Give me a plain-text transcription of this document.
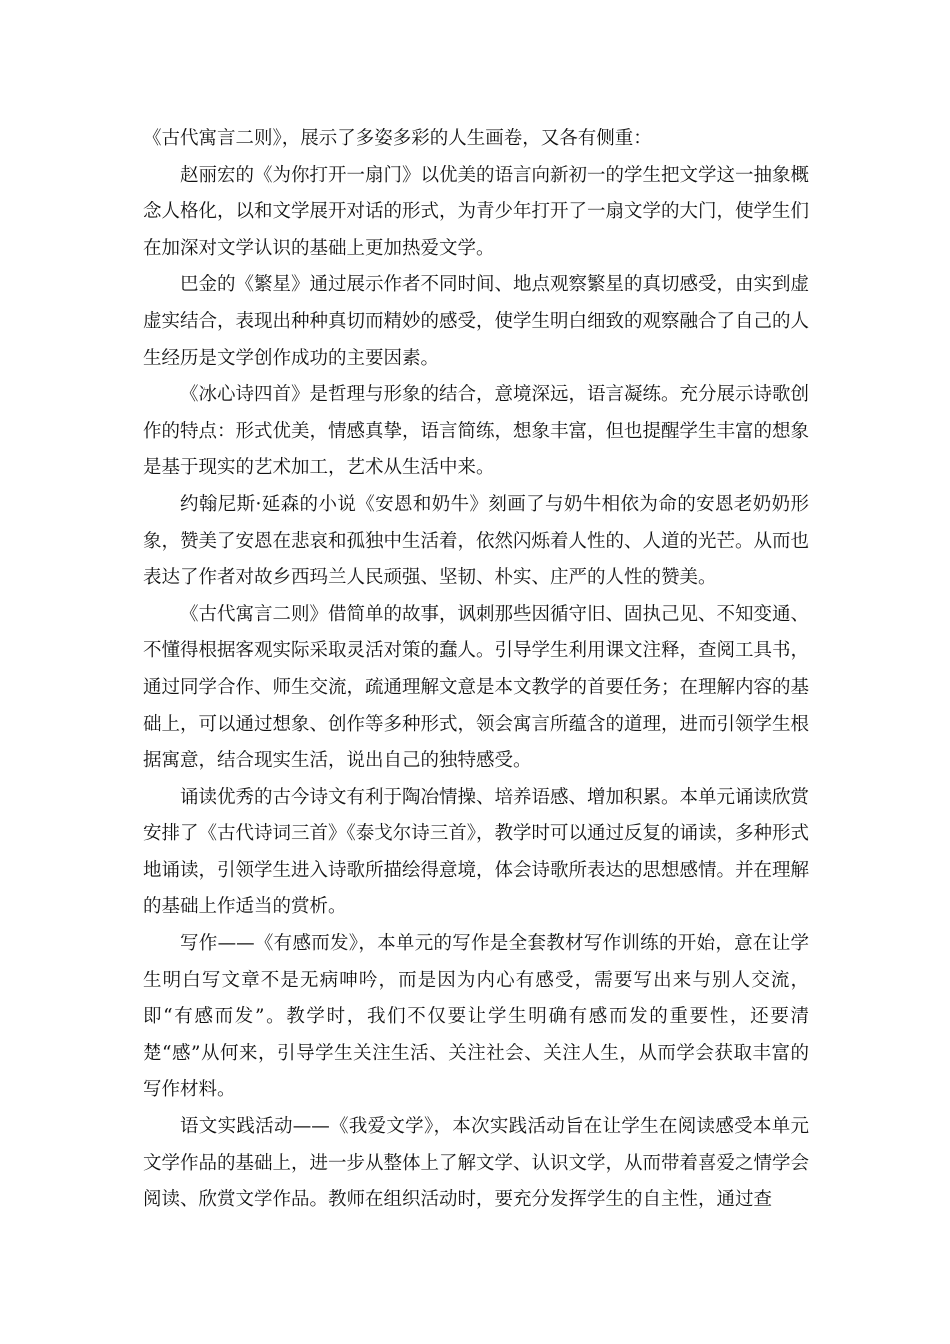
《古代寓言二则》，展示了多姿多彩的人生画卷，又各有侧重：

赵丽宏的《为你打开一扇门》以优美的语言向新初一的学生把文学这一抽象概念人格化，以和文学展开对话的形式，为青少年打开了一扇文学的大门，使学生们在加深对文学认识的基础上更加热爱文学。

巴金的《繁星》通过展示作者不同时间、地点观察繁星的真切感受，由实到虚虚实结合，表现出种种真切而精妙的感受，使学生明白细致的观察融合了自己的人生经历是文学创作成功的主要因素。

《冰心诗四首》是哲理与形象的结合，意境深远，语言凝练。充分展示诗歌创作的特点：形式优美，情感真挚，语言简练，想象丰富，但也提醒学生丰富的想象是基于现实的艺术加工，艺术从生活中来。

约翰尼斯·延森的小说《安恩和奶牛》刻画了与奶牛相依为命的安恩老奶奶形象，赞美了安恩在悲哀和孤独中生活着，依然闪烁着人性的、人道的光芒。从而也表达了作者对故乡西玛兰人民顽强、坚韧、朴实、庄严的人性的赞美。

《古代寓言二则》借简单的故事，讽刺那些因循守旧、固执己见、不知变通、不懂得根据客观实际采取灵活对策的蠢人。引导学生利用课文注释，查阅工具书，通过同学合作、师生交流，疏通理解文意是本文教学的首要任务；在理解内容的基础上，可以通过想象、创作等多种形式，领会寓言所蕴含的道理，进而引领学生根据寓意，结合现实生活，说出自己的独特感受。

诵读优秀的古今诗文有利于陶冶情操、培养语感、增加积累。本单元诵读欣赏安排了《古代诗词三首》《泰戈尔诗三首》，教学时可以通过反复的诵读，多种形式地诵读，引领学生进入诗歌所描绘得意境，体会诗歌所表达的思想感情。并在理解的基础上作适当的赏析。

写作——《有感而发》，本单元的写作是全套教材写作训练的开始，意在让学生明白写文章不是无病呻吟，而是因为内心有感受，需要写出来与别人交流，即“有感而发”。教学时，我们不仅要让学生明确有感而发的重要性，还要清楚“感”从何来，引导学生关注生活、关注社会、关注人生，从而学会获取丰富的写作材料。

语文实践活动——《我爱文学》，本次实践活动旨在让学生在阅读感受本单元文学作品的基础上，进一步从整体上了解文学、认识文学，从而带着喜爱之情学会阅读、欣赏文学作品。教师在组织活动时，要充分发挥学生的自主性，通过查
